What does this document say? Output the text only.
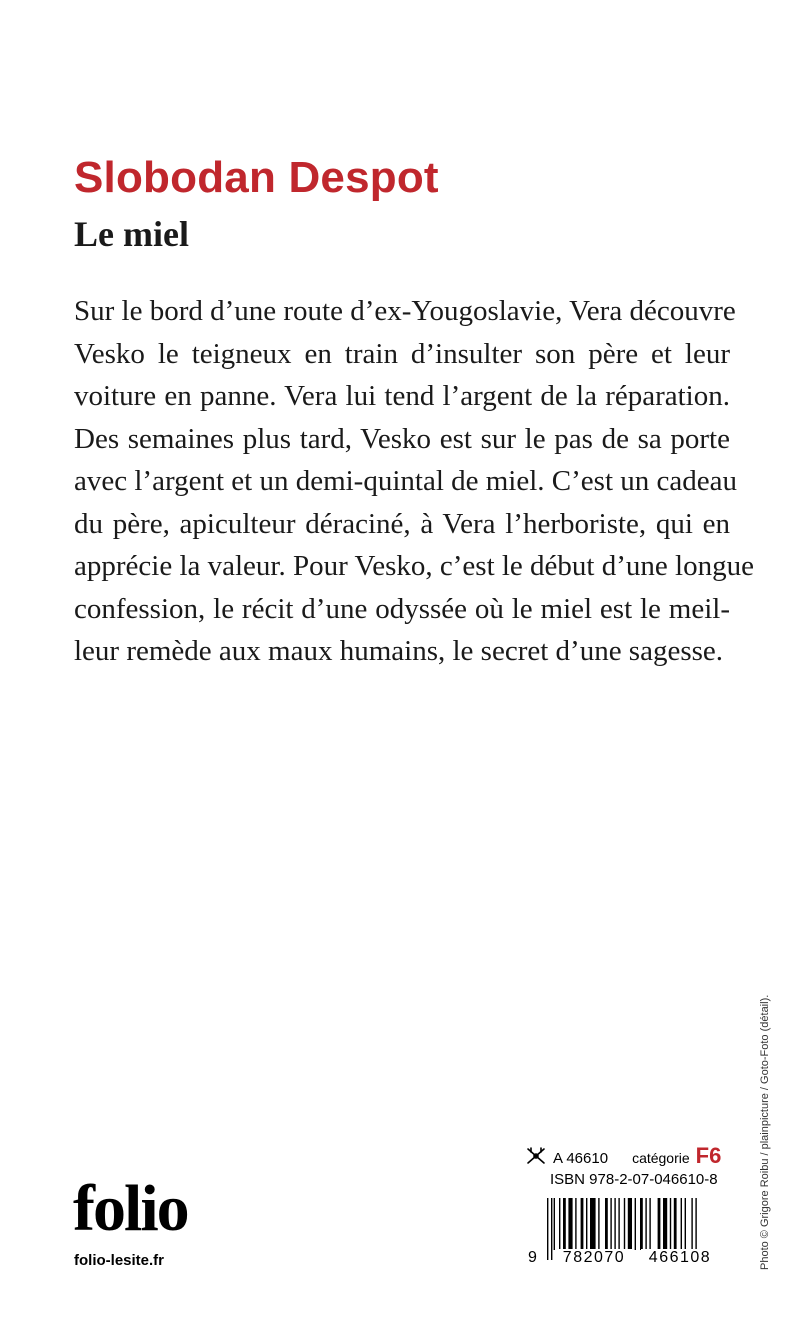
Slobodan Despot
Le miel
Sur le bord d’une route d’ex-Yougoslavie, Vera découvre
Vesko le teigneux en train d’insulter son père et leur
voiture en panne. Vera lui tend l’argent de la réparation.
Des semaines plus tard, Vesko est sur le pas de sa porte
avec l’argent et un demi-quintal de miel. C’est un cadeau
du père, apiculteur déraciné, à Vera l’herboriste, qui en
apprécie la valeur. Pour Vesko, c’est le début d’une longue
confession, le récit d’une odyssée où le miel est le meil-
leur remède aux maux humains, le secret d’une sagesse.
Photo © Grigore Roibu / plainpicture / Goto-Foto (détail).
A 46610 catégorie F6
ISBN 978-2-07-046610-8
9	782070	466108
folio
folio-lesite.fr
